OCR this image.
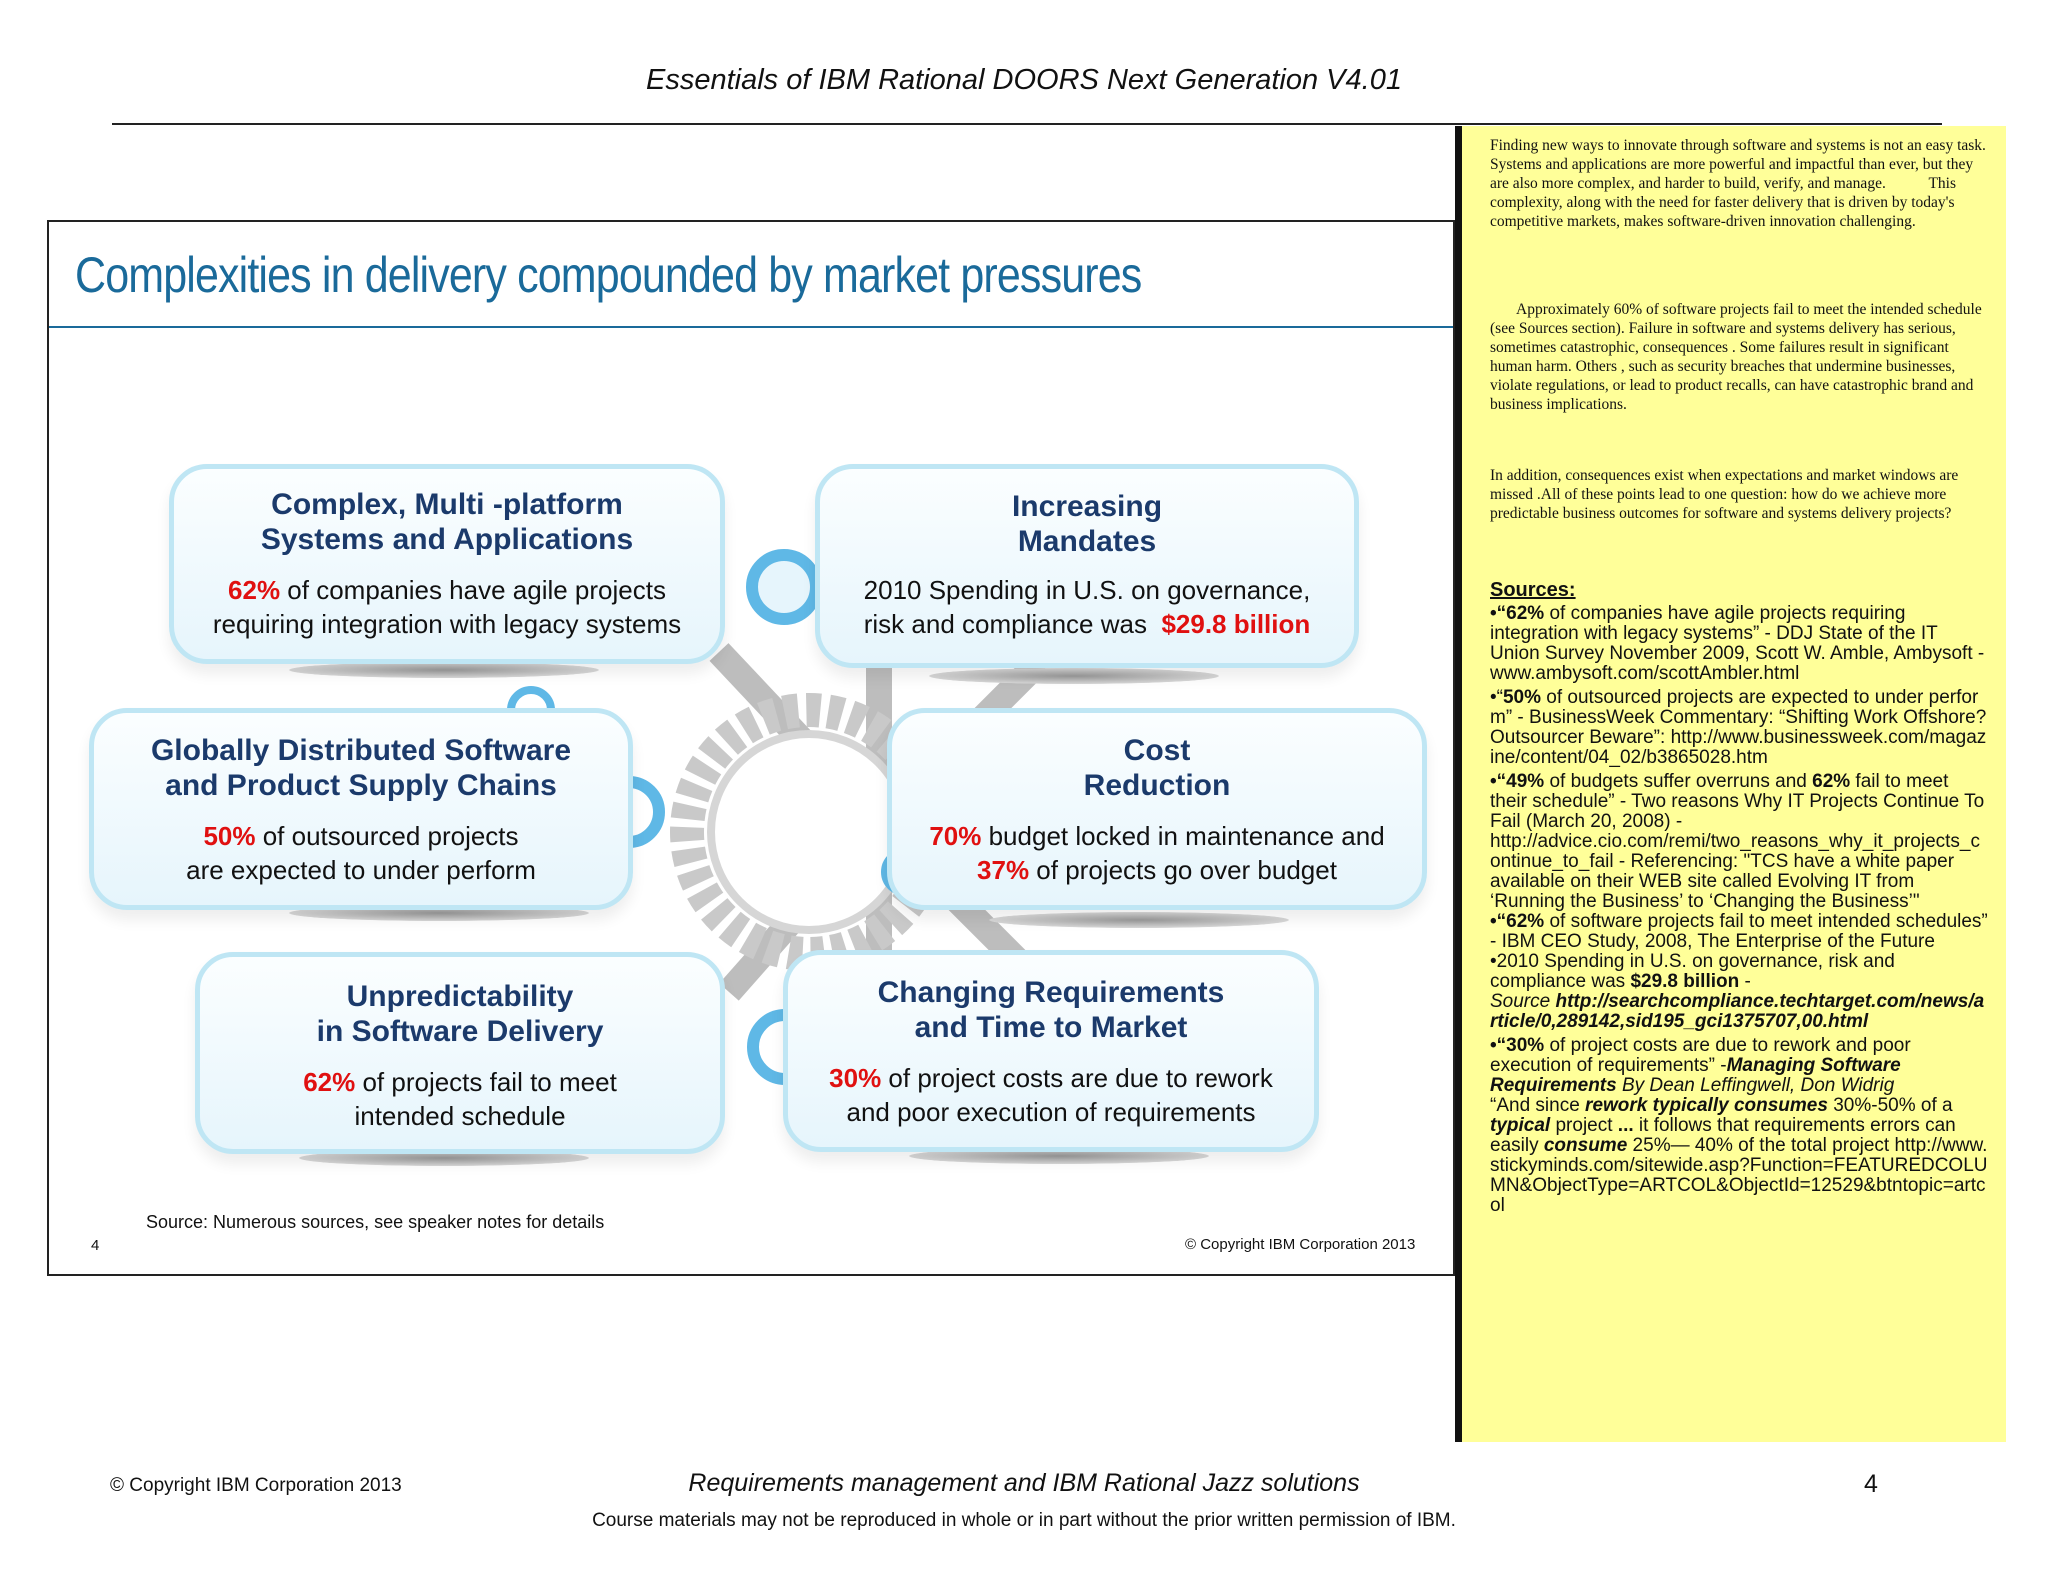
Essentials of IBM Rational DOORS Next Generation V4.01
Complexities in delivery compounded by market pressures
Complex, Multi -platform
Systems and Applications

62% of companies have agile projects

requiring integration with legacy systems

Increasing
Mandates

2010 Spending in U.S. on governance,

risk and compliance was  $29.8 billion

Globally Distributed Software
and Product Supply Chains

50% of outsourced projects

are expected to under perform

Cost
Reduction

70% budget locked in maintenance and

37% of projects go over budget

Unpredictability
in Software Delivery

62% of projects fail to meet

intended schedule

Changing Requirements
and Time to Market

30% of project costs are due to rework

and poor execution of requirements

Source: Numerous sources, see speaker notes for details
4	© Copyright IBM Corporation 2013
Finding new ways to innovate through software and systems is not an easy task. Systems and applications are more powerful and impactful than ever, but they are also more complex, and harder to build, verify, and manage.	This complexity, along with the need for faster delivery that is driven by today's competitive markets, makes software-driven innovation challenging.
Approximately 60% of software projects fail to meet the intended schedule (see Sources section). Failure in software and systems delivery has serious, sometimes catastrophic, consequences . Some failures result in significant human harm. Others , such as security breaches that undermine businesses, violate regulations, or lead to product recalls, can have catastrophic brand and business implications.
In addition, consequences exist when expectations and market windows are missed .All of these points lead to one question: how do we achieve more predictable business outcomes for software and systems delivery projects?
Sources:
•“62% of companies have agile projects requiring integration with legacy systems” - DDJ State of the IT Union Survey November 2009, Scott W. Amble, Ambysoft - www.ambysoft.com/scottAmbler.html
•“50% of outsourced projects are expected to under perform” - BusinessWeek Commentary: “Shifting Work Offshore? Outsourcer Beware”: http://www.businessweek.com/magazine/content/04_02/b3865028.htm
•“49% of budgets suffer overruns and 62% fail to meet their schedule” - Two reasons Why IT Projects Continue To Fail (March 20, 2008) - http://advice.cio.com/remi/two_reasons_why_it_projects_continue_to_fail - Referencing: "TCS have a white paper available on their WEB site called Evolving IT from ‘Running the Business’ to ‘Changing the Business’"
•“62% of software projects fail to meet intended schedules” - IBM CEO Study, 2008, The Enterprise of the Future
•2010 Spending in U.S. on governance, risk and compliance was $29.8 billion -
Source http://searchcompliance.techtarget.com/news/article/0,289142,sid195_gci1375707,00.html
•“30% of project costs are due to rework and poor execution of requirements” -Managing Software Requirements By Dean Leffingwell, Don Widrig
“And since rework typically consumes 30%-50% of a typical project ... it follows that requirements errors can easily consume 25%— 40% of the total project http://www.stickyminds.com/sitewide.asp?Function=FEATUREDCOLUMN&ObjectType=ARTCOL&ObjectId=12529&btntopic=artcol
© Copyright IBM Corporation 2013	Requirements management and IBM Rational Jazz solutions	4
Course materials may not be reproduced in whole or in part without the prior written permission of IBM.
